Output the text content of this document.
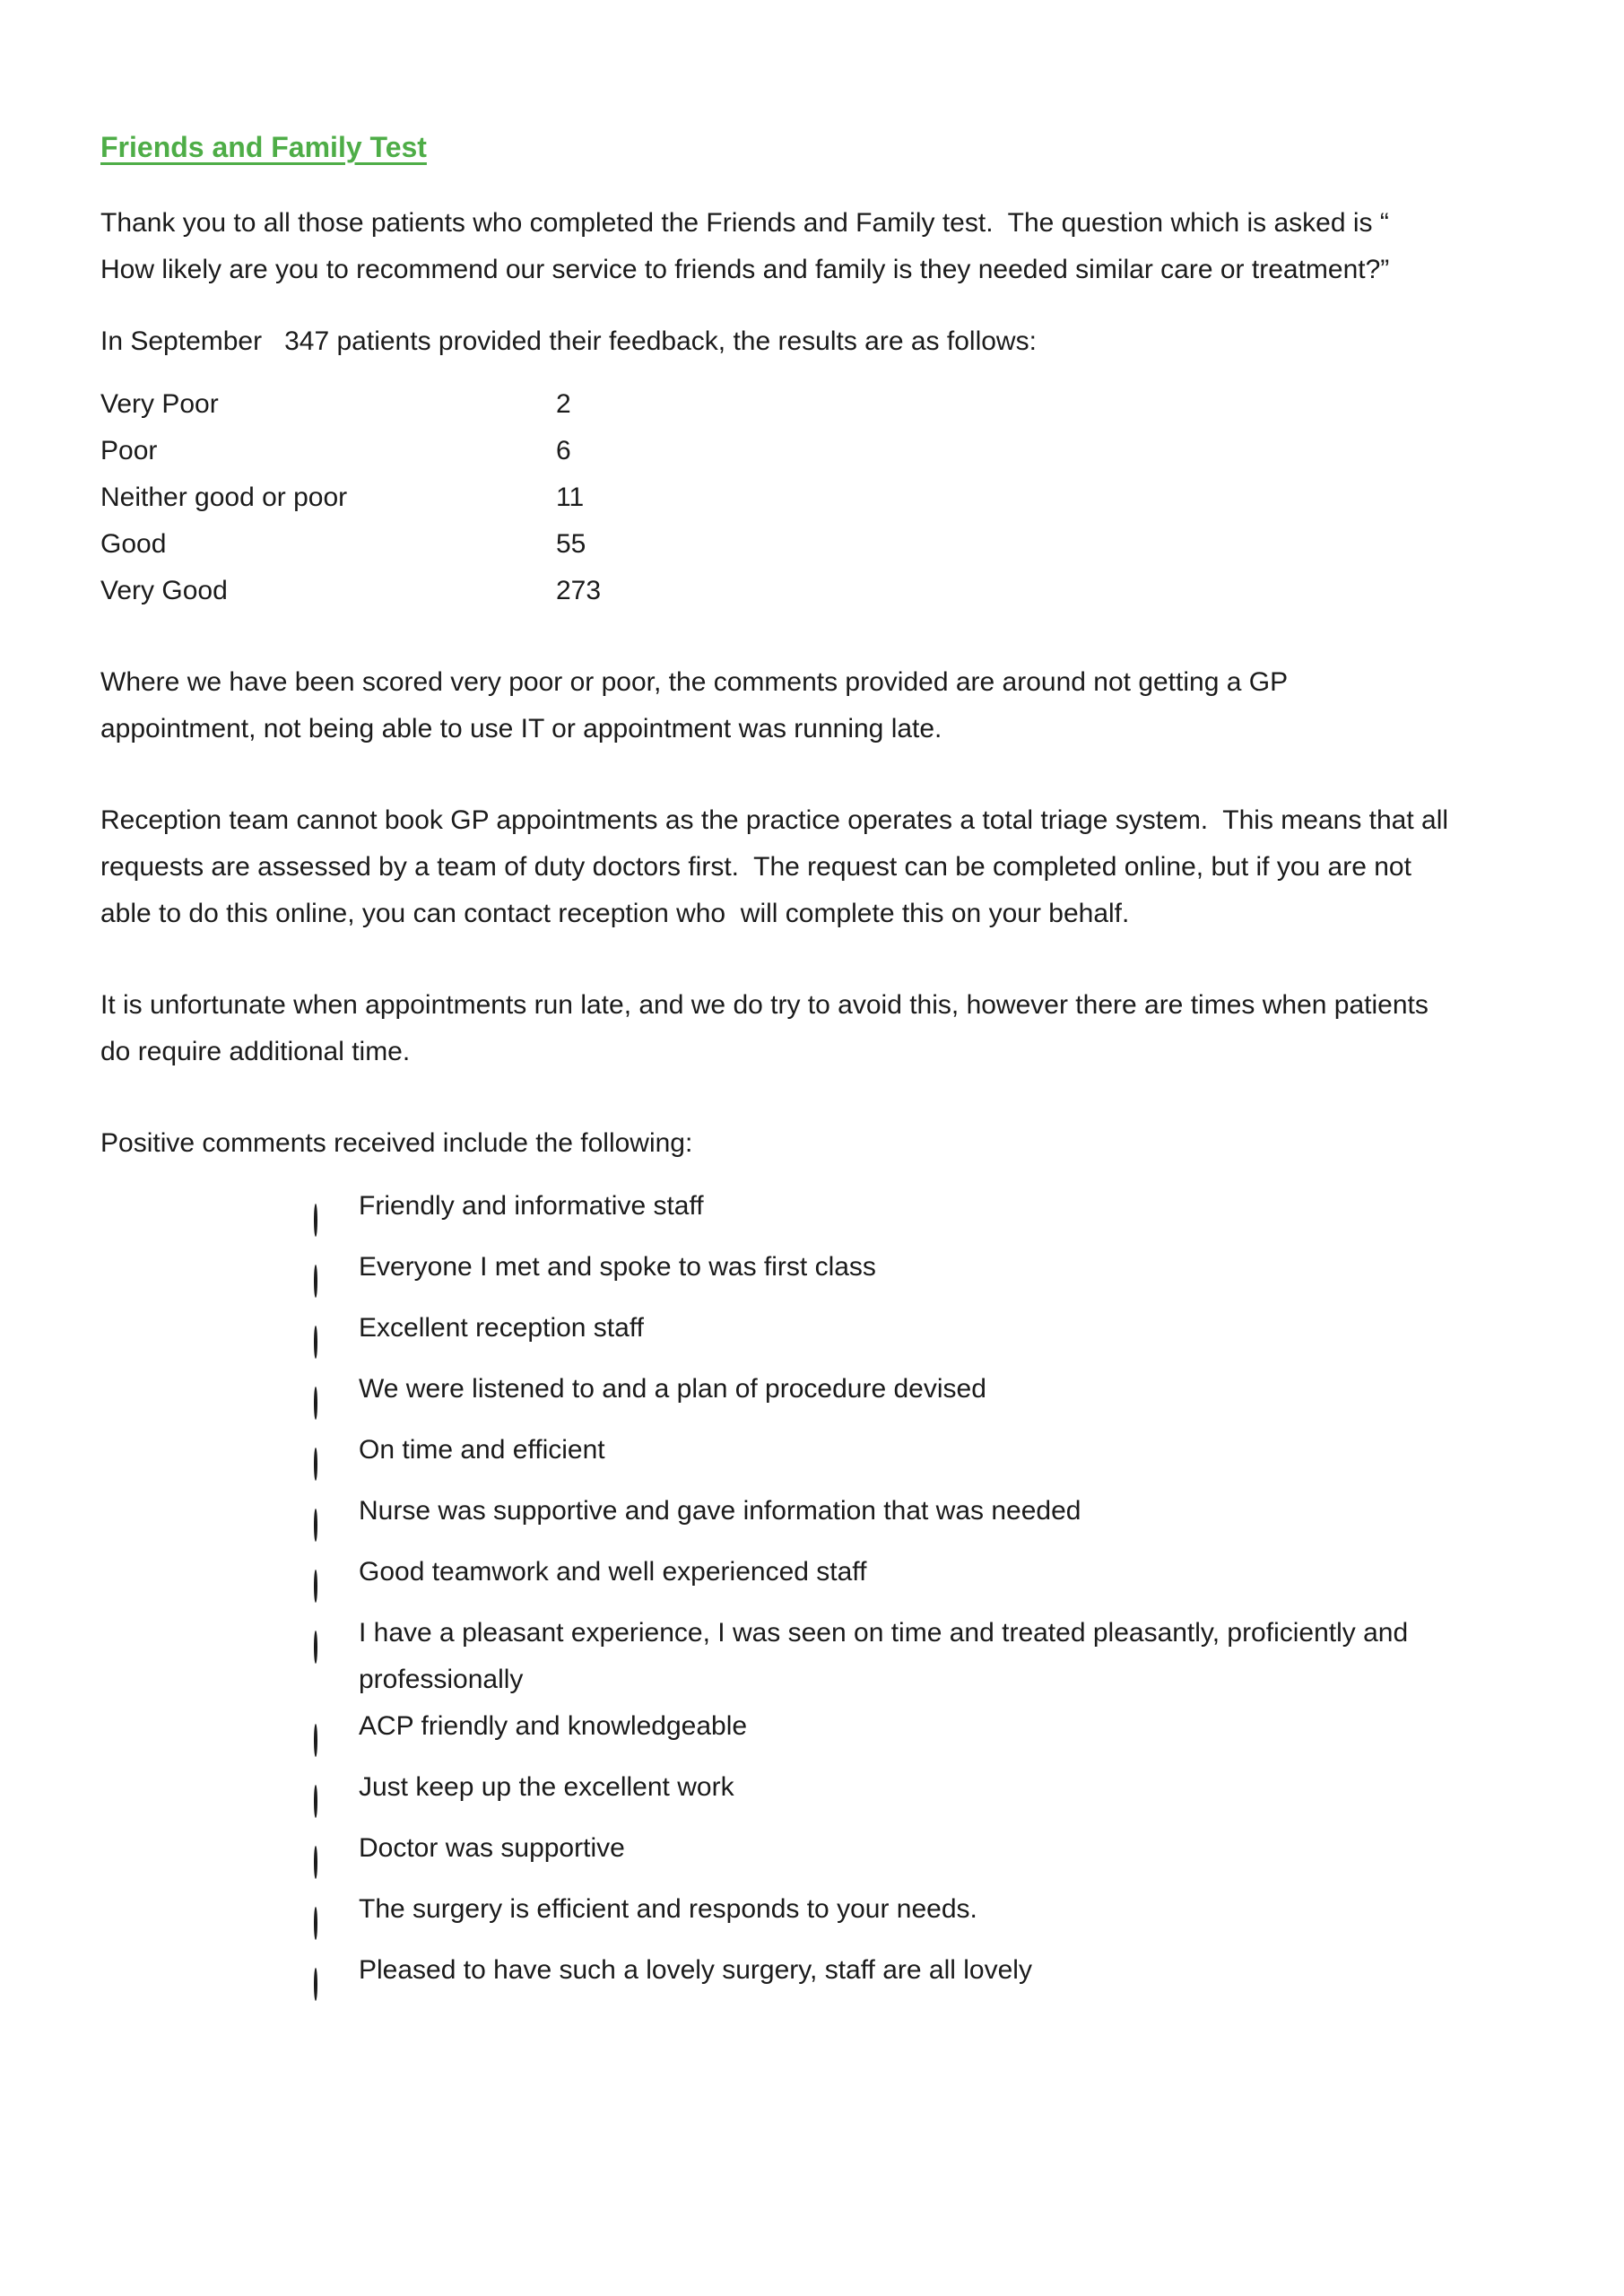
Friends and Family Test

Thank you to all those patients who completed the Friends and Family test.  The question which is asked is “ How likely are you to recommend our service to friends and family is they needed similar care or treatment?”

In September   347 patients provided their feedback, the results are as follows:

Very Poor	2
Poor	6
Neither good or poor	11
Good	55
Very Good	273

Where we have been scored very poor or poor, the comments provided are around not getting a GP appointment, not being able to use IT or appointment was running late.

Reception team cannot book GP appointments as the practice operates a total triage system.  This means that all requests are assessed by a team of duty doctors first.  The request can be completed online, but if you are not able to do this online, you can contact reception who  will complete this on your behalf.

It is unfortunate when appointments run late, and we do try to avoid this, however there are times when patients  do require additional time.

Positive comments received include the following:

Friendly and informative staff
Everyone I met and spoke to was first class
Excellent reception staff
We were listened to and a plan of procedure devised
On time and efficient
Nurse was supportive and gave information that was needed
Good teamwork and well experienced staff
I have a pleasant experience, I was seen on time and treated pleasantly, proficiently and professionally
ACP friendly and knowledgeable
Just keep up the excellent work
Doctor was supportive
The surgery is efficient and responds to your needs.
Pleased to have such a lovely surgery, staff are all lovely
